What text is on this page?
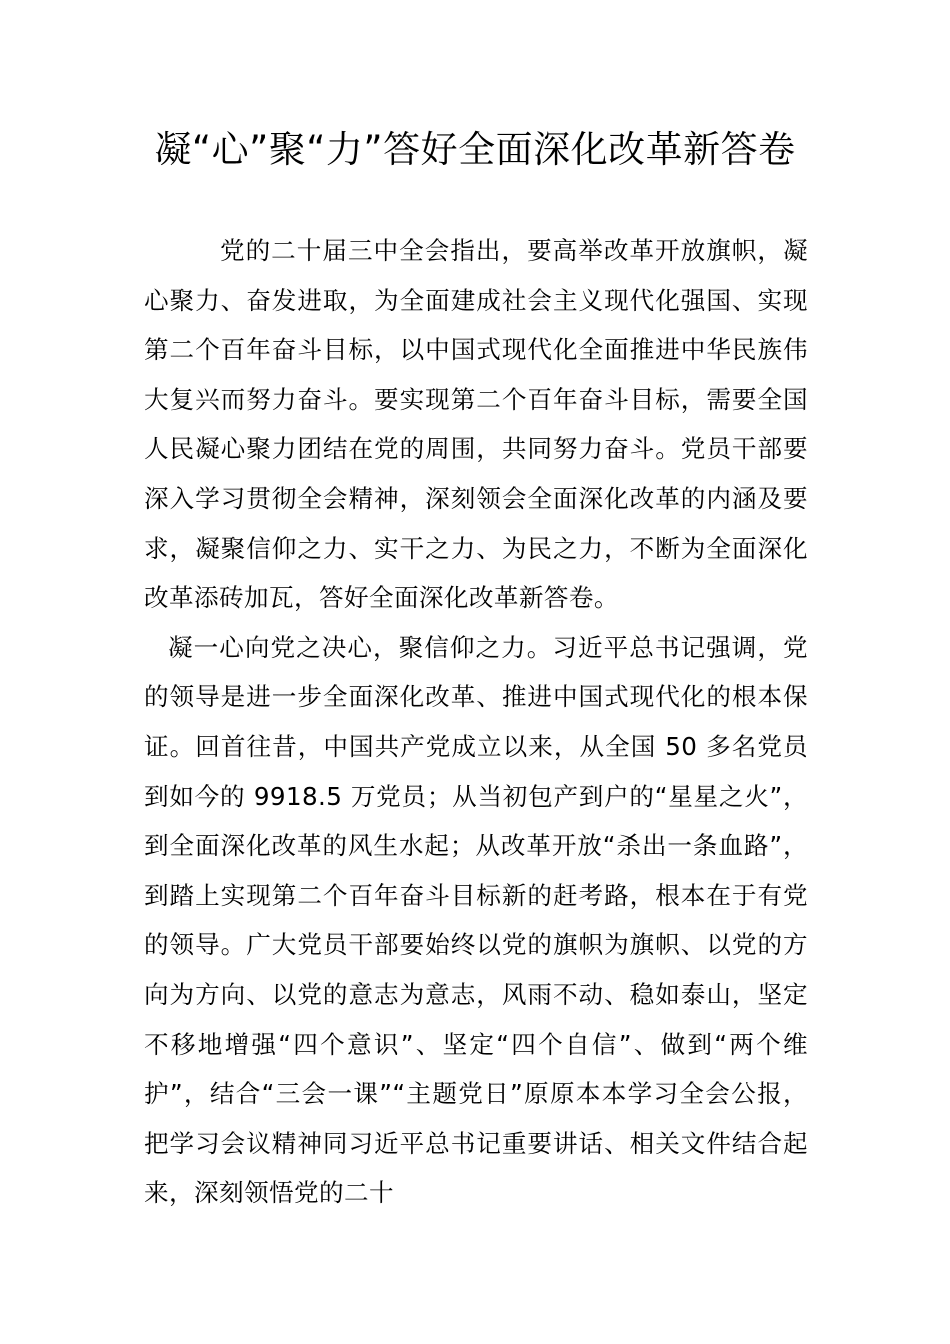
凝“心”聚“力”答好全面深化改革新答卷

党的二十届三中全会指出，要高举改革开放旗帜，凝心聚力、奋发进取，为全面建成社会主义现代化强国、实现第二个百年奋斗目标，以中国式现代化全面推进中华民族伟大复兴而努力奋斗。要实现第二个百年奋斗目标，需要全国人民凝心聚力团结在党的周围，共同努力奋斗。党员干部要深入学习贯彻全会精神，深刻领会全面深化改革的内涵及要求，凝聚信仰之力、实干之力、为民之力，不断为全面深化改革添砖加瓦，答好全面深化改革新答卷。

凝一心向党之决心，聚信仰之力。习近平总书记强调，党的领导是进一步全面深化改革、推进中国式现代化的根本保证。回首往昔，中国共产党成立以来，从全国 50 多名党员到如今的 9918.5 万党员；从当初包产到户的“星星之火”，到全面深化改革的风生水起；从改革开放“杀出一条血路”，到踏上实现第二个百年奋斗目标新的赶考路，根本在于有党的领导。广大党员干部要始终以党的旗帜为旗帜、以党的方向为方向、以党的意志为意志，风雨不动、稳如泰山，坚定不移地增强“四个意识”、坚定“四个自信”、做到“两个维护”，结合“三会一课”“主题党日”原原本本学习全会公报，把学习会议精神同习近平总书记重要讲话、相关文件结合起来，深刻领悟党的二十
